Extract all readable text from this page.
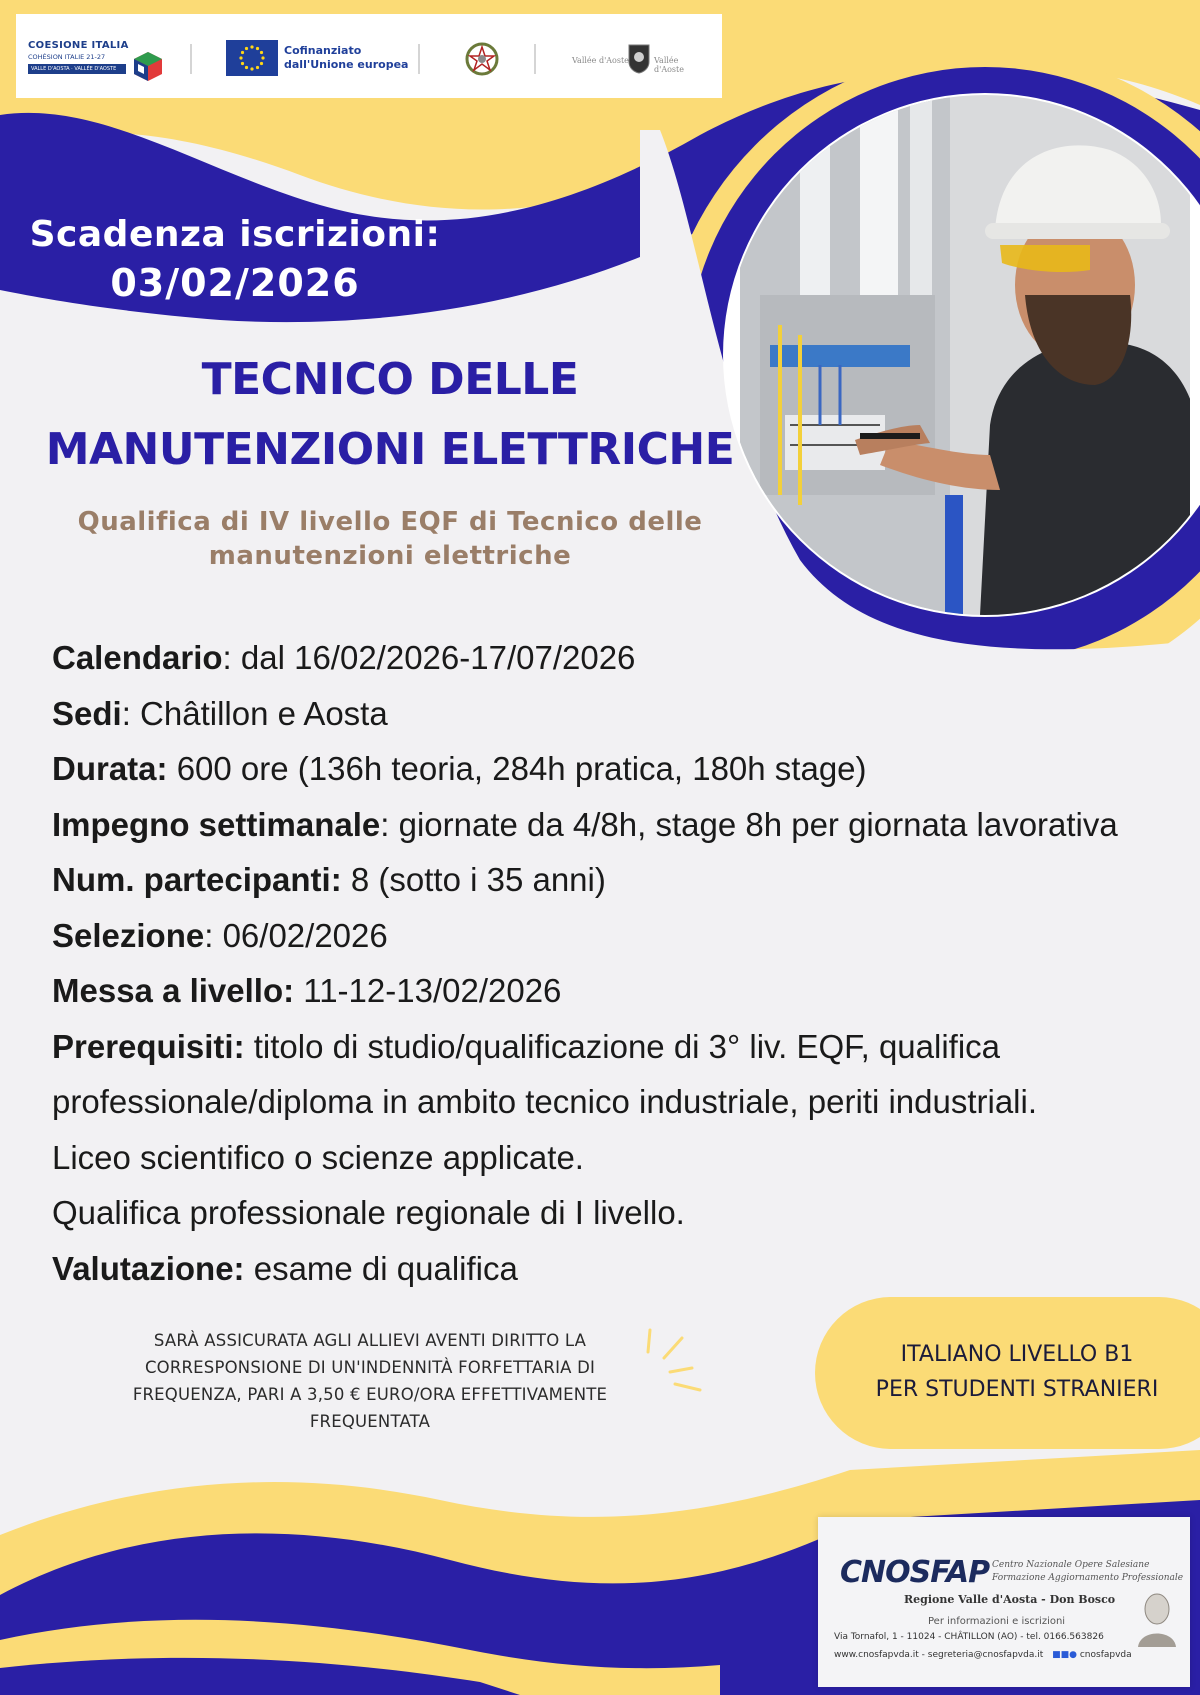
COESIONE ITALIA
COHÉSION ITALIE 21-27
VALLE D'AOSTA · VALLÉE D'AOSTE
Cofinanziato
dall'Unione europea	Vallée d'Aoste	Vallée d'Aoste
Scadenza iscrizioni:
03/02/2026
TECNICO DELLE
MANUTENZIONI ELETTRICHE
Qualifica di IV livello EQF di Tecnico delle
manutenzioni elettriche
Calendario: dal 16/02/2026-17/07/2026
Sedi: Châtillon e Aosta
Durata: 600 ore (136h teoria, 284h pratica, 180h stage)
Impegno settimanale: giornate da 4/8h, stage 8h per giornata lavorativa
Num. partecipanti: 8 (sotto i 35 anni)
Selezione: 06/02/2026
Messa a livello: 11-12-13/02/2026
Prerequisiti: titolo di studio/qualificazione di 3° liv. EQF, qualifica
professionale/diploma in ambito tecnico industriale, periti industriali.
Liceo scientifico o scienze applicate.
Qualifica professionale regionale di I livello.
Valutazione: esame di qualifica
SARÀ ASSICURATA AGLI ALLIEVI AVENTI DIRITTO LA
CORRESPONSIONE DI UN'INDENNITÀ FORFETTARIA DI
FREQUENZA, PARI A 3,50 € EURO/ORA EFFETTIVAMENTE
FREQUENTATA
ITALIANO LIVELLO B1
PER STUDENTI STRANIERI
CNOSFAP Centro Nazionale Opere Salesiane
Formazione Aggiornamento Professionale
Regione Valle d'Aosta - Don Bosco
Per informazioni e iscrizioni
Via Tornafol, 1 - 11024 - CHÂTILLON (AO) - tel. 0166.563826
www.cnosfapvda.it - segreteria@cnosfapvda.it ■■● cnosfapvda
